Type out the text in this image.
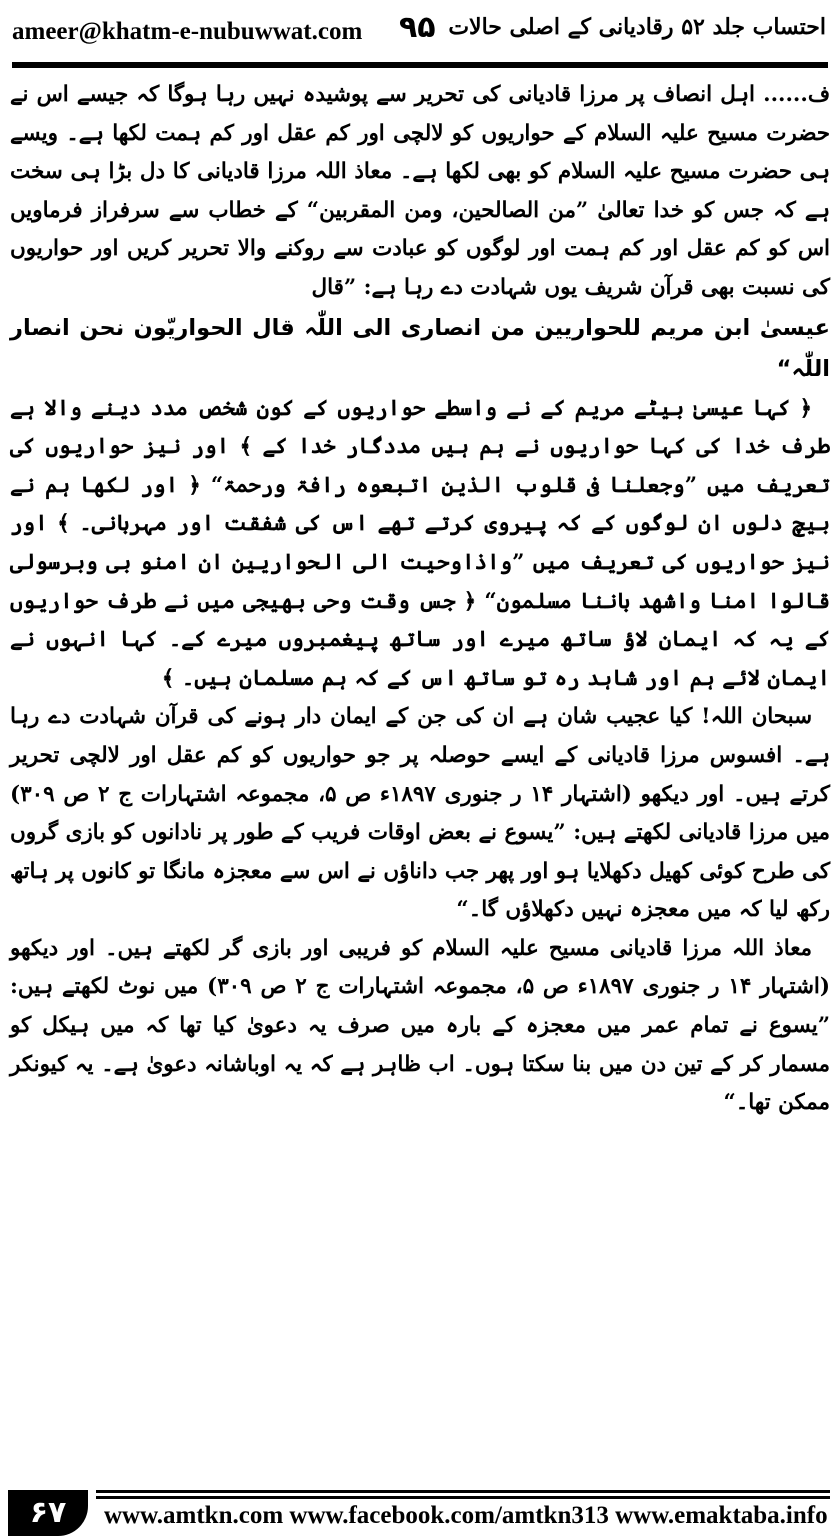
ameer@khatm-e-nubuwwat.com ۹۵ احتساب جلد ۵۲ رقادیانی کے اصلی حالات

ف...... اہل انصاف پر مرزا قادیانی کی تحریر سے پوشیدہ نہیں رہا ہوگا کہ جیسے اس نے حضرت مسیح علیہ السلام کے حواریوں کو لالچی اور کم عقل اور کم ہمت لکھا ہے۔ ویسے ہی حضرت مسیح علیہ السلام کو بھی لکھا ہے۔ معاذ اللہ مرزا قادیانی کا دل بڑا ہی سخت ہے کہ جس کو خدا تعالیٰ ”من الصالحین، ومن المقربین“ کے خطاب سے سرفراز فرماویں اس کو کم عقل اور کم ہمت اور لوگوں کو عبادت سے روکنے والا تحریر کریں اور حواریوں کی نسبت بھی قرآن شریف یوں شہادت دے رہا ہے: ”قال

عیسیٰ ابن مریم للحواریین من انصاری الی اللّٰہ قال الحواریّون نحن انصار اللّٰہ“

﴿ کہا عیسیٰ بیٹے مریم کے نے واسطے حواریوں کے کون شخص مدد دینے والا ہے طرف خدا کی کہا حواریوں نے ہم ہیں مددگار خدا کے ﴾ اور نیز حواریوں کی تعریف میں ”وجعلنا فی قلوب الذین اتبعوہ رافۃ ورحمۃ“ ﴿ اور لکھا ہم نے بیچ دلوں ان لوگوں کے کہ پیروی کرتے تھے اس کی شفقت اور مہربانی۔ ﴾ اور نیز حواریوں کی تعریف میں ”واذاوحیت الی الحواریین ان امنو بی وبرسولی قالوا امنا واشھد باننا مسلمون“ ﴿ جس وقت وحی بھیجی میں نے طرف حواریوں کے یہ کہ ایمان لاؤ ساتھ میرے اور ساتھ پیغمبروں میرے کے۔ کہا انہوں نے ایمان لائے ہم اور شاہد رہ تو ساتھ اس کے کہ ہم مسلمان ہیں۔ ﴾

سبحان اللہ! کیا عجیب شان ہے ان کی جن کے ایمان دار ہونے کی قرآن شہادت دے رہا ہے۔ افسوس مرزا قادیانی کے ایسے حوصلہ پر جو حواریوں کو کم عقل اور لالچی تحریر کرتے ہیں۔ اور دیکھو (اشتہار ۱۴ ر جنوری ۱۸۹۷ء ص ۵، مجموعہ اشتہارات ج ۲ ص ۳۰۹) میں مرزا قادیانی لکھتے ہیں: ”یسوع نے بعض اوقات فریب کے طور پر نادانوں کو بازی گروں کی طرح کوئی کھیل دکھلایا ہو اور پھر جب داناؤں نے اس سے معجزہ مانگا تو کانوں پر ہاتھ رکھ لیا کہ میں معجزہ نہیں دکھلاؤں گا۔“

معاذ اللہ مرزا قادیانی مسیح علیہ السلام کو فریبی اور بازی گر لکھتے ہیں۔ اور دیکھو (اشتہار ۱۴ ر جنوری ۱۸۹۷ء ص ۵، مجموعہ اشتہارات ج ۲ ص ۳۰۹) میں نوٹ لکھتے ہیں: ”یسوع نے تمام عمر میں معجزہ کے بارہ میں صرف یہ دعویٰ کیا تھا کہ میں ہیکل کو مسمار کر کے تین دن میں بنا سکتا ہوں۔ اب ظاہر ہے کہ یہ اوباشانہ دعویٰ ہے۔ یہ کیونکر ممکن تھا۔“

۶۷	www.amtkn.com www.facebook.com/amtkn313 www.emaktaba.info
